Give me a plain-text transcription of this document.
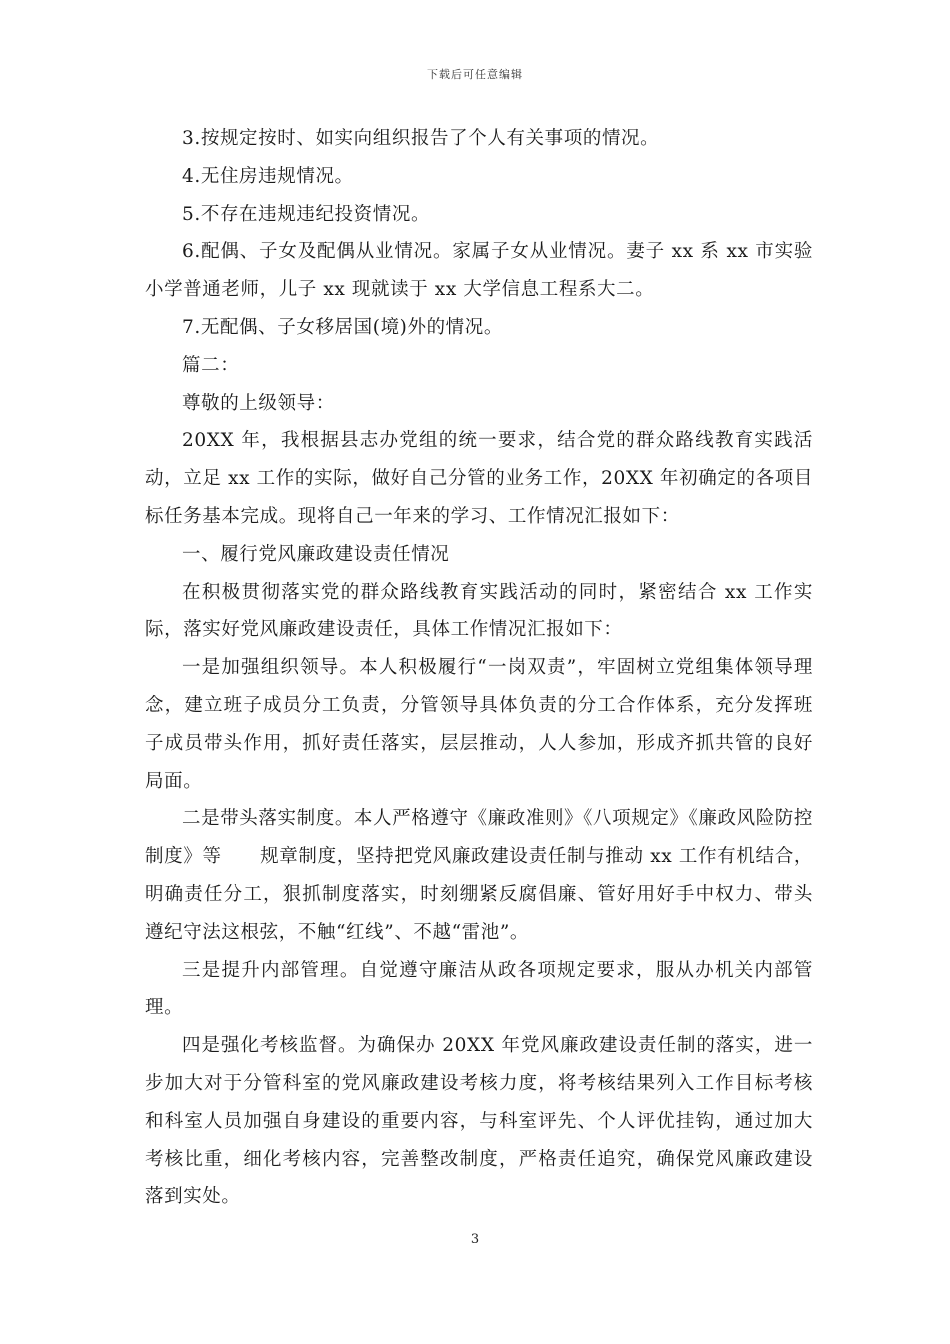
下载后可任意编辑

3.按规定按时、如实向组织报告了个人有关事项的情况。

4.无住房违规情况。

5.不存在违规违纪投资情况。

6.配偶、子女及配偶从业情况。家属子女从业情况。妻子 xx 系 xx 市实验小学普通老师，儿子 xx 现就读于 xx 大学信息工程系大二。

7.无配偶、子女移居国(境)外的情况。

篇二：

尊敬的上级领导：

20XX 年，我根据县志办党组的统一要求，结合党的群众路线教育实践活动，立足 xx 工作的实际，做好自己分管的业务工作，20XX 年初确定的各项目标任务基本完成。现将自己一年来的学习、工作情况汇报如下：

一、履行党风廉政建设责任情况

在积极贯彻落实党的群众路线教育实践活动的同时，紧密结合 xx 工作实际，落实好党风廉政建设责任，具体工作情况汇报如下：

一是加强组织领导。本人积极履行“一岗双责”，牢固树立党组集体领导理念，建立班子成员分工负责，分管领导具体负责的分工合作体系，充分发挥班子成员带头作用，抓好责任落实，层层推动，人人参加，形成齐抓共管的良好局面。

二是带头落实制度。本人严格遵守《廉政准则》《八项规定》《廉政风险防控制度》等　　规章制度，坚持把党风廉政建设责任制与推动 xx 工作有机结合，明确责任分工，狠抓制度落实，时刻绷紧反腐倡廉、管好用好手中权力、带头遵纪守法这根弦，不触“红线”、不越“雷池”。

三是提升内部管理。自觉遵守廉洁从政各项规定要求，服从办机关内部管理。

四是强化考核监督。为确保办 20XX 年党风廉政建设责任制的落实，进一步加大对于分管科室的党风廉政建设考核力度，将考核结果列入工作目标考核和科室人员加强自身建设的重要内容，与科室评先、个人评优挂钩，通过加大考核比重，细化考核内容，完善整改制度，严格责任追究，确保党风廉政建设落到实处。

3
